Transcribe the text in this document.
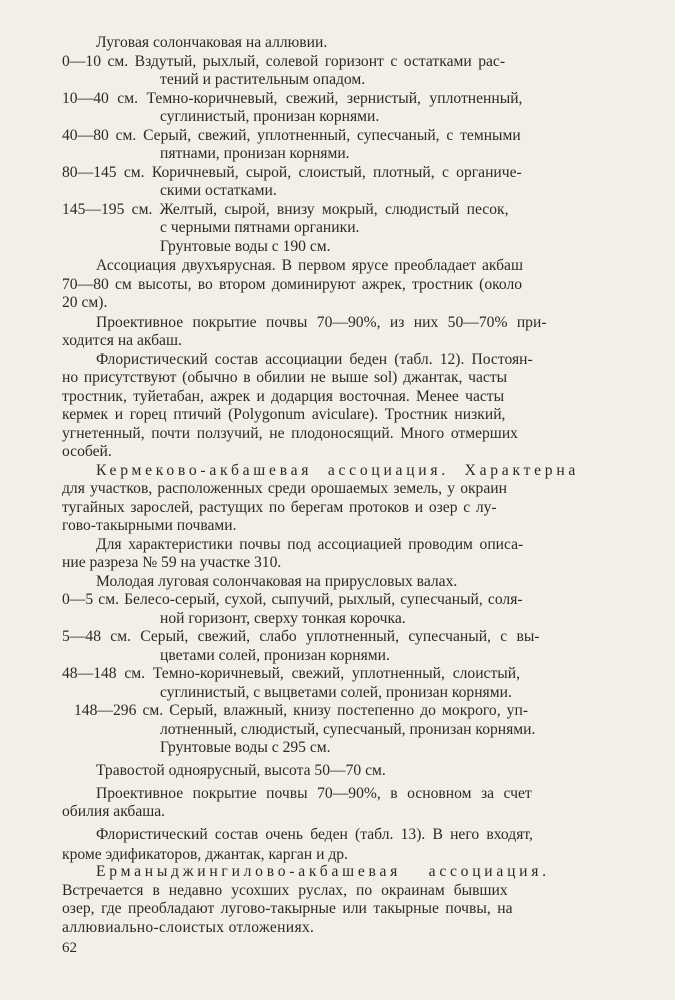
Луговая солончаковая на аллювии.
0—10 см. Вздутый, рыхлый, солевой горизонт с остатками рас-
тений и растительным опадом.
10—40 см. Темно-коричневый, свежий, зернистый, уплотненный,
суглинистый, пронизан корнями.
40—80 см. Серый, свежий, уплотненный, супесчаный, с темными
пятнами, пронизан корнями.
80—145 см. Коричневый, сырой, слоистый, плотный, с органиче-
скими остатками.
145—195 см. Желтый, сырой, внизу мокрый, слюдистый песок,
с черными пятнами органики.
Грунтовые воды с 190 см.
Ассоциация двухъярусная. В первом ярусе преобладает акбаш
70—80 см высоты, во втором доминируют ажрек, тростник (около
20 см).
Проективное покрытие почвы 70—90%, из них 50—70% при-
ходится на акбаш.
Флористический состав ассоциации беден (табл. 12). Постоян-
но присутствуют (обычно в обилии не выше sol) джантак, часты
тростник, туйетабан, ажрек и додарция восточная. Менее часты
кермек и горец птичий (Polygonum aviculare). Тростник низкий,
угнетенный, почти ползучий, не плодоносящий. Много отмерших
особей.
Кермеково-акбашевая ассоциация. Характерна
для участков, расположенных среди орошаемых земель, у окраин
тугайных зарослей, растущих по берегам протоков и озер с лу-
гово-такырными почвами.
Для характеристики почвы под ассоциацией проводим описа-
ние разреза № 59 на участке 310.
Молодая луговая солончаковая на прирусловых валах.
0—5 см. Белесо-серый, сухой, сыпучий, рыхлый, супесчаный, соля-
ной горизонт, сверху тонкая корочка.
5—48 см. Серый, свежий, слабо уплотненный, супесчаный, с вы-
цветами солей, пронизан корнями.
48—148 см. Темно-коричневый, свежий, уплотненный, слоистый,
суглинистый, с выцветами солей, пронизан корнями.
148—296 см. Серый, влажный, книзу постепенно до мокрого, уп-
лотненный, слюдистый, супесчаный, пронизан корнями.
Грунтовые воды с 295 см.
Травостой одноярусный, высота 50—70 см.
Проективное покрытие почвы 70—90%, в основном за счет
обилия акбаша.
Флористический состав очень беден (табл. 13). В него входят,
кроме эдификаторов, джантак, карган и др.
Ерманыджингилово-акбашевая ассоциация.
Встречается в недавно усохших руслах, по окраинам бывших
озер, где преобладают лугово-такырные или такырные почвы, на
аллювиально-слоистых отложениях.
62
